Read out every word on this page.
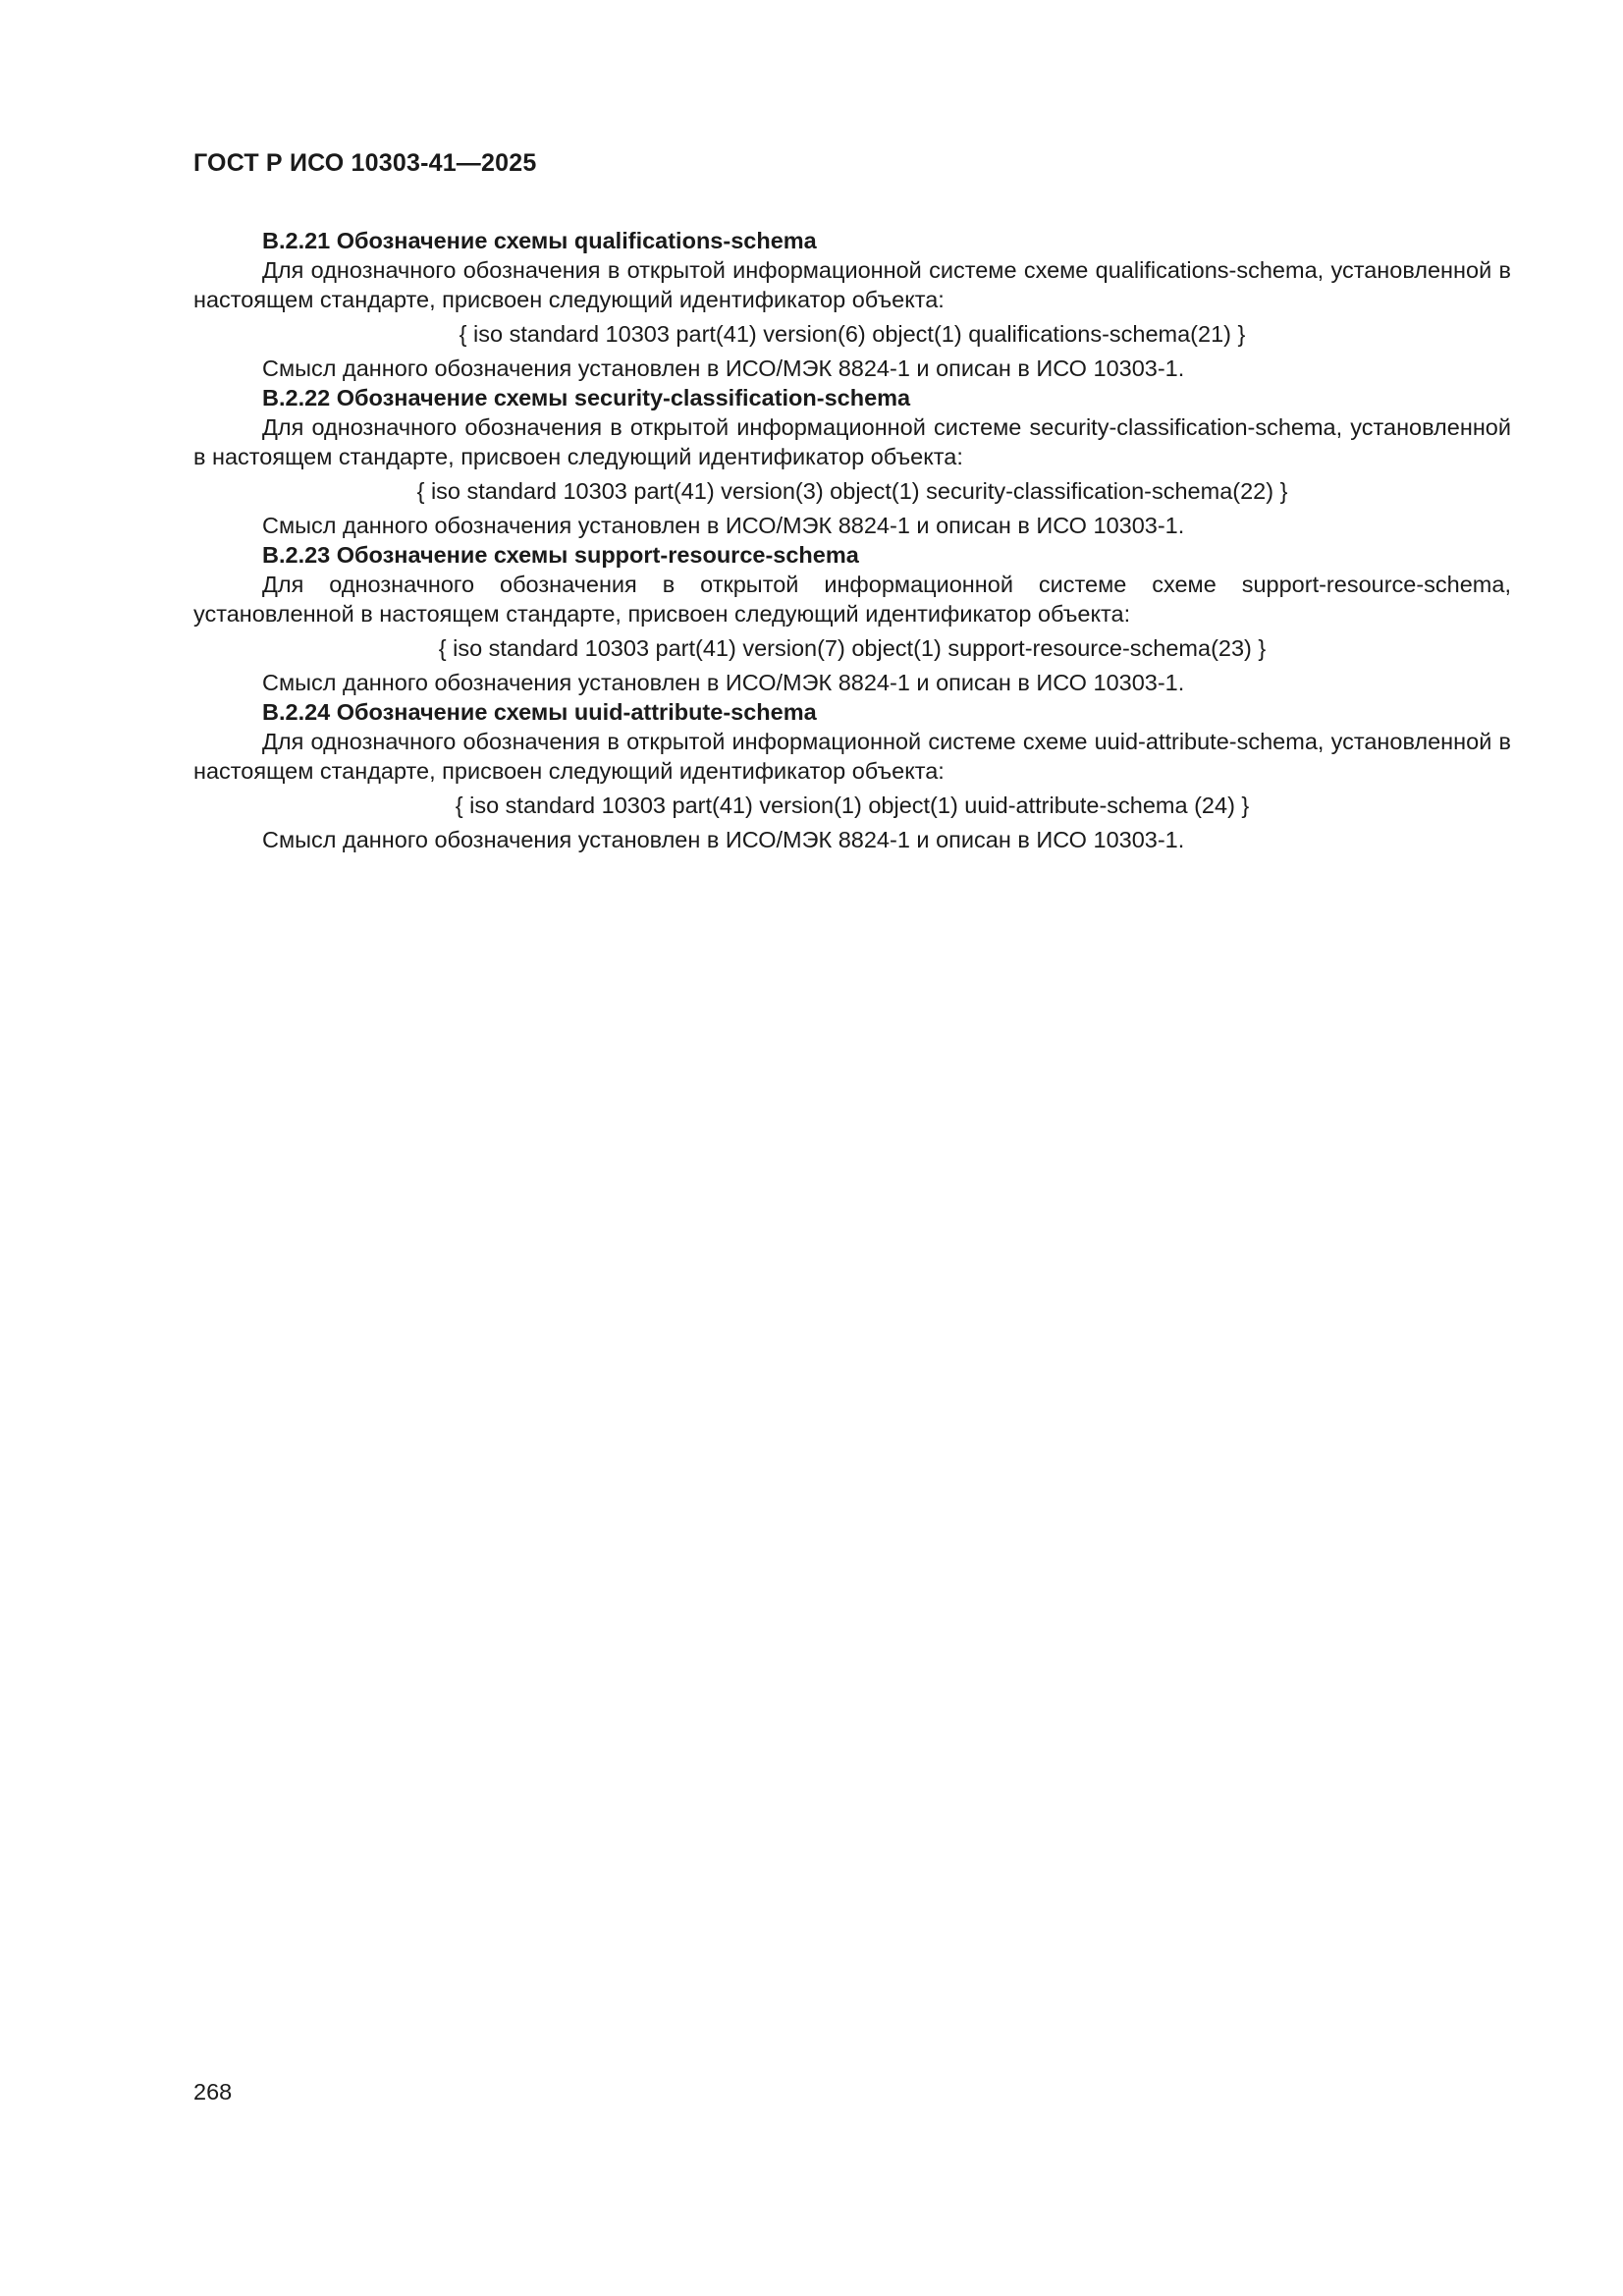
ГОСТ Р ИСО 10303-41—2025

B.2.21 Обозначение схемы qualifications-schema

Для однозначного обозначения в открытой информационной системе схеме qualifications-schema, установленной в настоящем стандарте, присвоен следующий идентификатор объекта:

{ iso standard 10303 part(41) version(6) object(1) qualifications-schema(21) }

Смысл данного обозначения установлен в ИСО/МЭК 8824-1 и описан в ИСО 10303-1.

B.2.22 Обозначение схемы security-classification-schema

Для однозначного обозначения в открытой информационной системе security-classification-schema, установленной в настоящем стандарте, присвоен следующий идентификатор объекта:

{ iso standard 10303 part(41) version(3) object(1) security-classification-schema(22) }

Смысл данного обозначения установлен в ИСО/МЭК 8824-1 и описан в ИСО 10303-1.

B.2.23 Обозначение схемы support-resource-schema

Для однозначного обозначения в открытой информационной системе схеме support-resource-schema, установленной в настоящем стандарте, присвоен следующий идентификатор объекта:

{ iso standard 10303 part(41) version(7) object(1) support-resource-schema(23) }

Смысл данного обозначения установлен в ИСО/МЭК 8824-1 и описан в ИСО 10303-1.

B.2.24 Обозначение схемы uuid-attribute-schema

Для однозначного обозначения в открытой информационной системе схеме uuid-attribute-schema, установленной в настоящем стандарте, присвоен следующий идентификатор объекта:

{ iso standard 10303 part(41) version(1) object(1) uuid-attribute-schema (24) }

Смысл данного обозначения установлен в ИСО/МЭК 8824-1 и описан в ИСО 10303-1.

268
